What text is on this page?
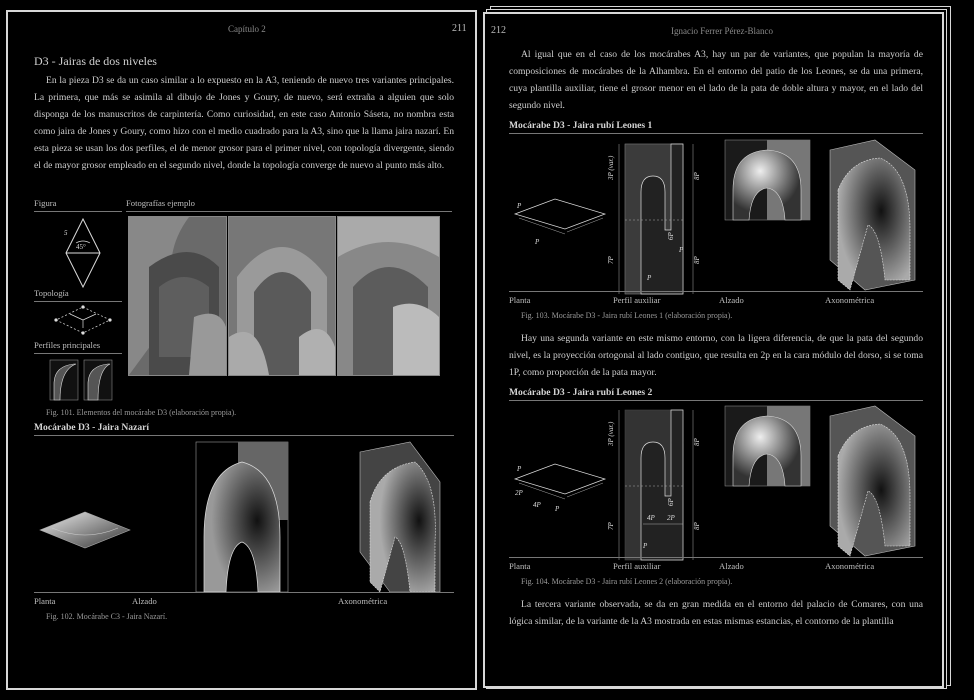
Capítulo 2	211
D3 - Jairas de dos niveles
En la pieza D3 se da un caso similar a lo expuesto en la A3, teniendo de nuevo tres variantes principales. La primera, que más se asimila al dibujo de Jones y Goury, de nuevo, será extraña a alguien que solo disponga de los manuscritos de carpintería. Como curiosidad, en este caso Antonio Sáseta, no nombra esta como jaira de Jones y Goury, como hizo con el medio cuadrado para la A3, sino que la llama jaira nazarí. En esta pieza se usan los dos perfiles, el de menor grosor para el primer nivel, con topología divergente, siendo el de mayor grosor empleado en el segundo nivel, donde la topología converge de nuevo al punto más alto.
Figura	Fotografías ejemplo
5
45°
Topología
Perfiles principales
Fig. 101. Elementos del mocárabe D3 (elaboración propia).
Mocárabe D3 - Jaira Nazarí
Planta	Alzado	Axonométrica
Fig. 102. Mocárabe C3 - Jaira Nazarí.
212	Ignacio Ferrer Pérez-Blanco
Al igual que en el caso de los mocárabes A3, hay un par de variantes, que populan la mayoría de composiciones de mocárabes de la Alhambra. En el entorno del patio de los Leones, se da una primera, cuya plantilla auxiliar, tiene el grosor menor en el lado de la pata de doble altura y mayor, en el lado del segundo nivel.
Mocárabe D3 - Jaira rubí Leones 1
P
P
3P (var.)	8P
7P	8P
P
6P
P
Planta	Perfil auxiliar	Alzado	Axonométrica
Fig. 103. Mocárabe D3 - Jaira rubí Leones 1 (elaboración propia).
Hay una segunda variante en este mismo entorno, con la ligera diferencia, de que la pata del segundo nivel, es la proyección ortogonal al lado contiguo, que resulta en 2p en la cara módulo del dorso, si se toma 1P, como proporción de la pata mayor.
Mocárabe D3 - Jaira rubí Leones 2
P
2P
4P P
3P (var.)	8P
7P	8P
6P
4P 2P
P
Planta	Perfil auxiliar	Alzado	Axonométrica
Fig. 104. Mocárabe D3 - Jaira rubí Leones 2 (elaboración propia).
La tercera variante observada, se da en gran medida en el entorno del palacio de Comares, con una lógica similar, de la variante de la A3 mostrada en estas mismas estancias, el contorno de la plantilla
